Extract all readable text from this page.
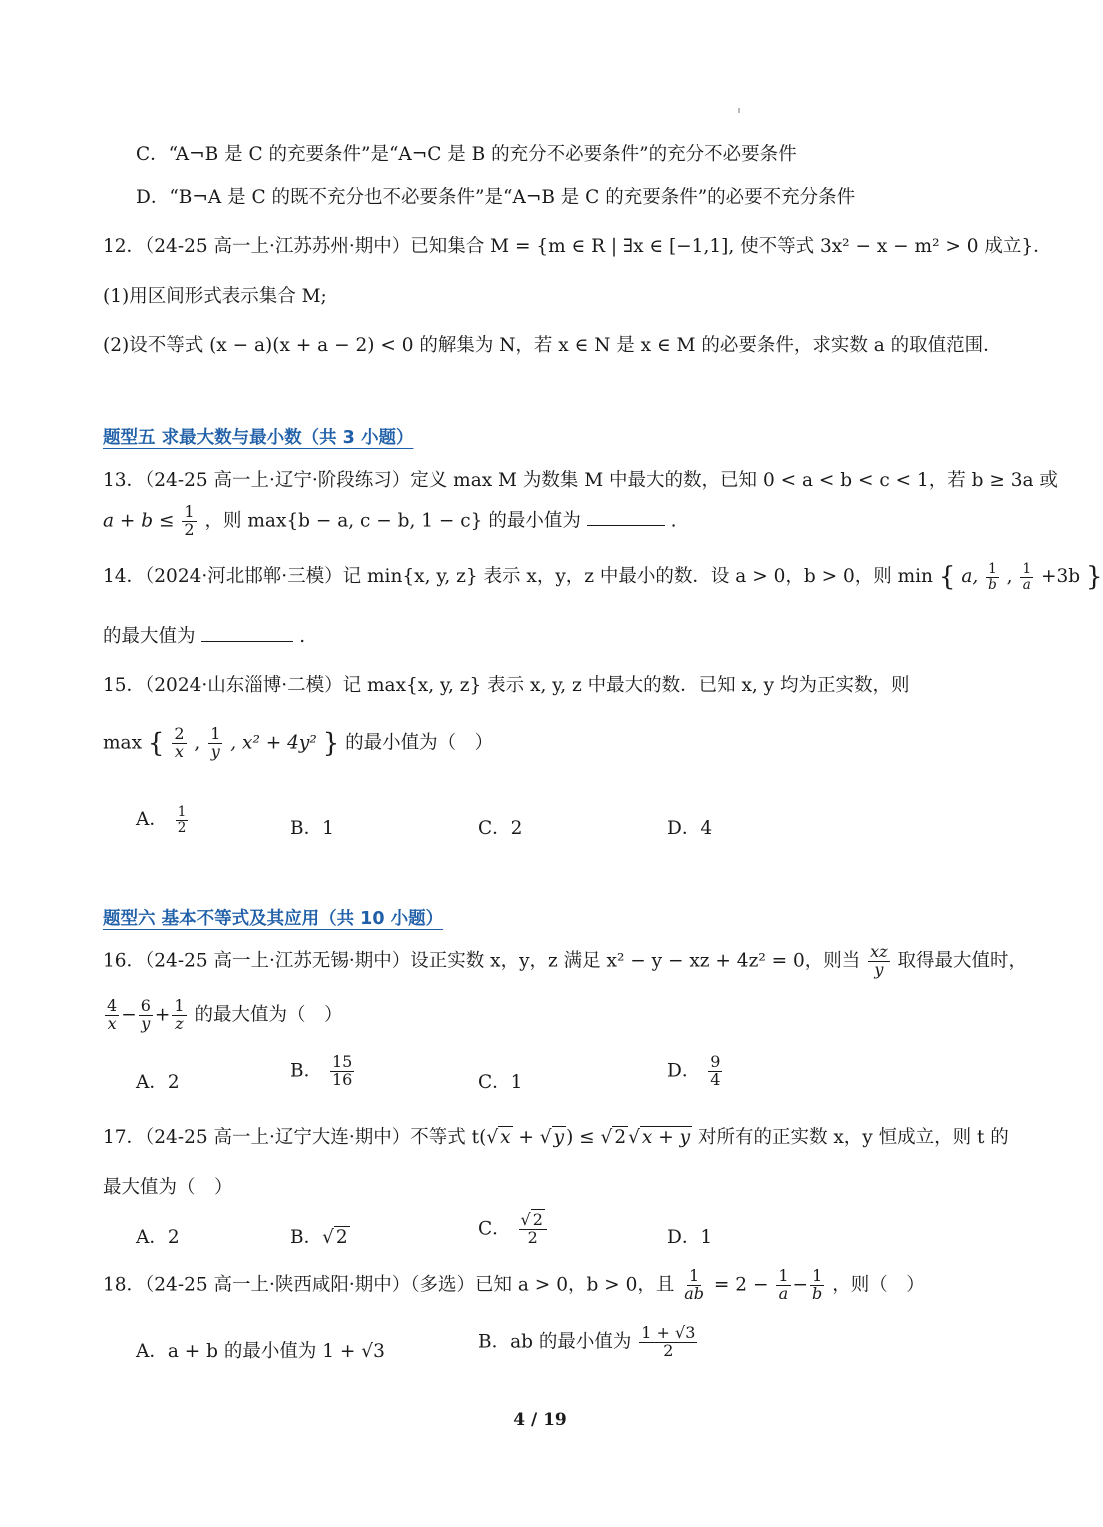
C．“A¬B 是 C 的充要条件”是“A¬C 是 B 的充分不必要条件”的充分不必要条件
D．“B¬A 是 C 的既不充分也不必要条件”是“A¬B 是 C 的充要条件”的必要不充分条件
12．（24-25 高一上·江苏苏州·期中）已知集合 M = {m ∈ R | ∃x ∈ [−1,1], 使不等式 3x² − x − m² > 0 成立}．
(1)用区间形式表示集合 M;
(2)设不等式 (x − a)(x + a − 2) < 0 的解集为 N，若 x ∈ N 是 x ∈ M 的必要条件，求实数 a 的取值范围．
题型五 求最大数与最小数（共 3 小题）
13．（24-25 高一上·辽宁·阶段练习）定义 max M 为数集 M 中最大的数，已知 0 < a < b < c < 1，若 b ≥ 3a 或
$a + b \le \frac{1}{2}$ ，则 max{b − a, c − b, 1 − c} 的最小值为	.
14．（2024·河北邯郸·三模）记 min{x, y, z} 表示 x，y，z 中最小的数．设 a > 0，b > 0，则 min { a, $\frac{1}{b}$ , $\frac{1}{a} +3b$ }
的最大值为	.
15．（2024·山东淄博·二模）记 max{x, y, z} 表示 x, y, z 中最大的数．已知 x, y 均为正实数，则
max { $\frac{2}{x}$ , $\frac{1}{y}$ , x² + 4y² } 的最小值为（　）
A． $\frac{1}{2}$	B．1	C．2	D．4
题型六 基本不等式及其应用（共 10 小题）
16．（24-25 高一上·江苏无锡·期中）设正实数 x，y，z 满足 x² − y − xz + 4z² = 0，则当 $\frac{xz}{y}$ 取得最大值时，
$\frac{4}{x} - \frac{6}{y} + \frac{1}{z}$ 的最大值为（　）
A．2
B． $\frac{15}{16}$	C．1
D． $\frac{9}{4}$
17．（24-25 高一上·辽宁大连·期中）不等式 t(√ x + √ y ) ≤ √ 2 √ x + y 对所有的正实数 x，y 恒成立，则 t 的
最大值为（　）
A．2	B．√ 2	C． $\frac{√ 2}{2}$	D．1
18．（24-25 高一上·陕西咸阳·期中）（多选）已知 a > 0，b > 0，且 $\frac{1}{ab} = 2 - \frac{1}{a} - \frac{1}{b}$ ，则（　）
A．a + b 的最小值为 1 + √3	B．ab 的最小值为 $\frac{1 + √3}{2}$
4 / 19
